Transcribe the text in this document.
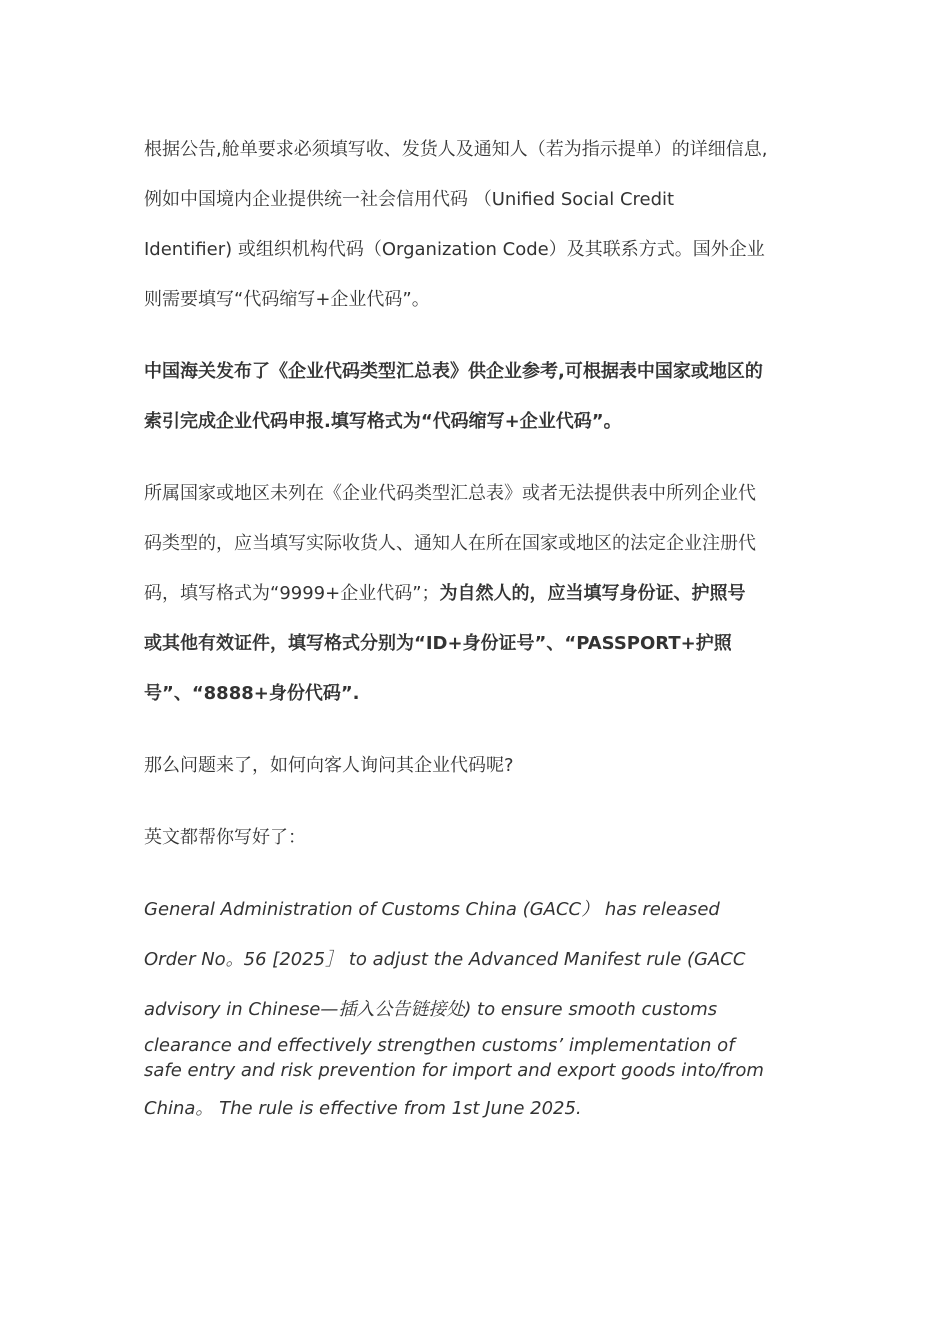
根据公告,舱单要求必须填写收、发货人及通知人（若为指示提单）的详细信息,
例如中国境内企业提供统一社会信用代码 （Unified Social Credit
Identifier) 或组织机构代码（Organization Code）及其联系方式。国外企业
则需要填写“代码缩写+企业代码”。
中国海关发布了《企业代码类型汇总表》供企业参考,可根据表中国家或地区的
索引完成企业代码申报.填写格式为“代码缩写+企业代码”。
所属国家或地区未列在《企业代码类型汇总表》或者无法提供表中所列企业代
码类型的，应当填写实际收货人、通知人在所在国家或地区的法定企业注册代
码，填写格式为“9999+企业代码”；为自然人的，应当填写身份证、护照号
或其他有效证件，填写格式分别为“ID+身份证号”、“PASSPORT+护照
号”、“8888+身份代码”.
那么问题来了，如何向客人询问其企业代码呢?
英文都帮你写好了：
General Administration of Customs China (GACC） has released
Order No。56 [2025］ to adjust the Advanced Manifest rule (GACC
advisory in Chinese—插入公告链接处) to ensure smooth customs
clearance and effectively strengthen customs’ implementation of
safe entry and risk prevention for import and export goods into/from
China。 The rule is effective from 1st June 2025.
